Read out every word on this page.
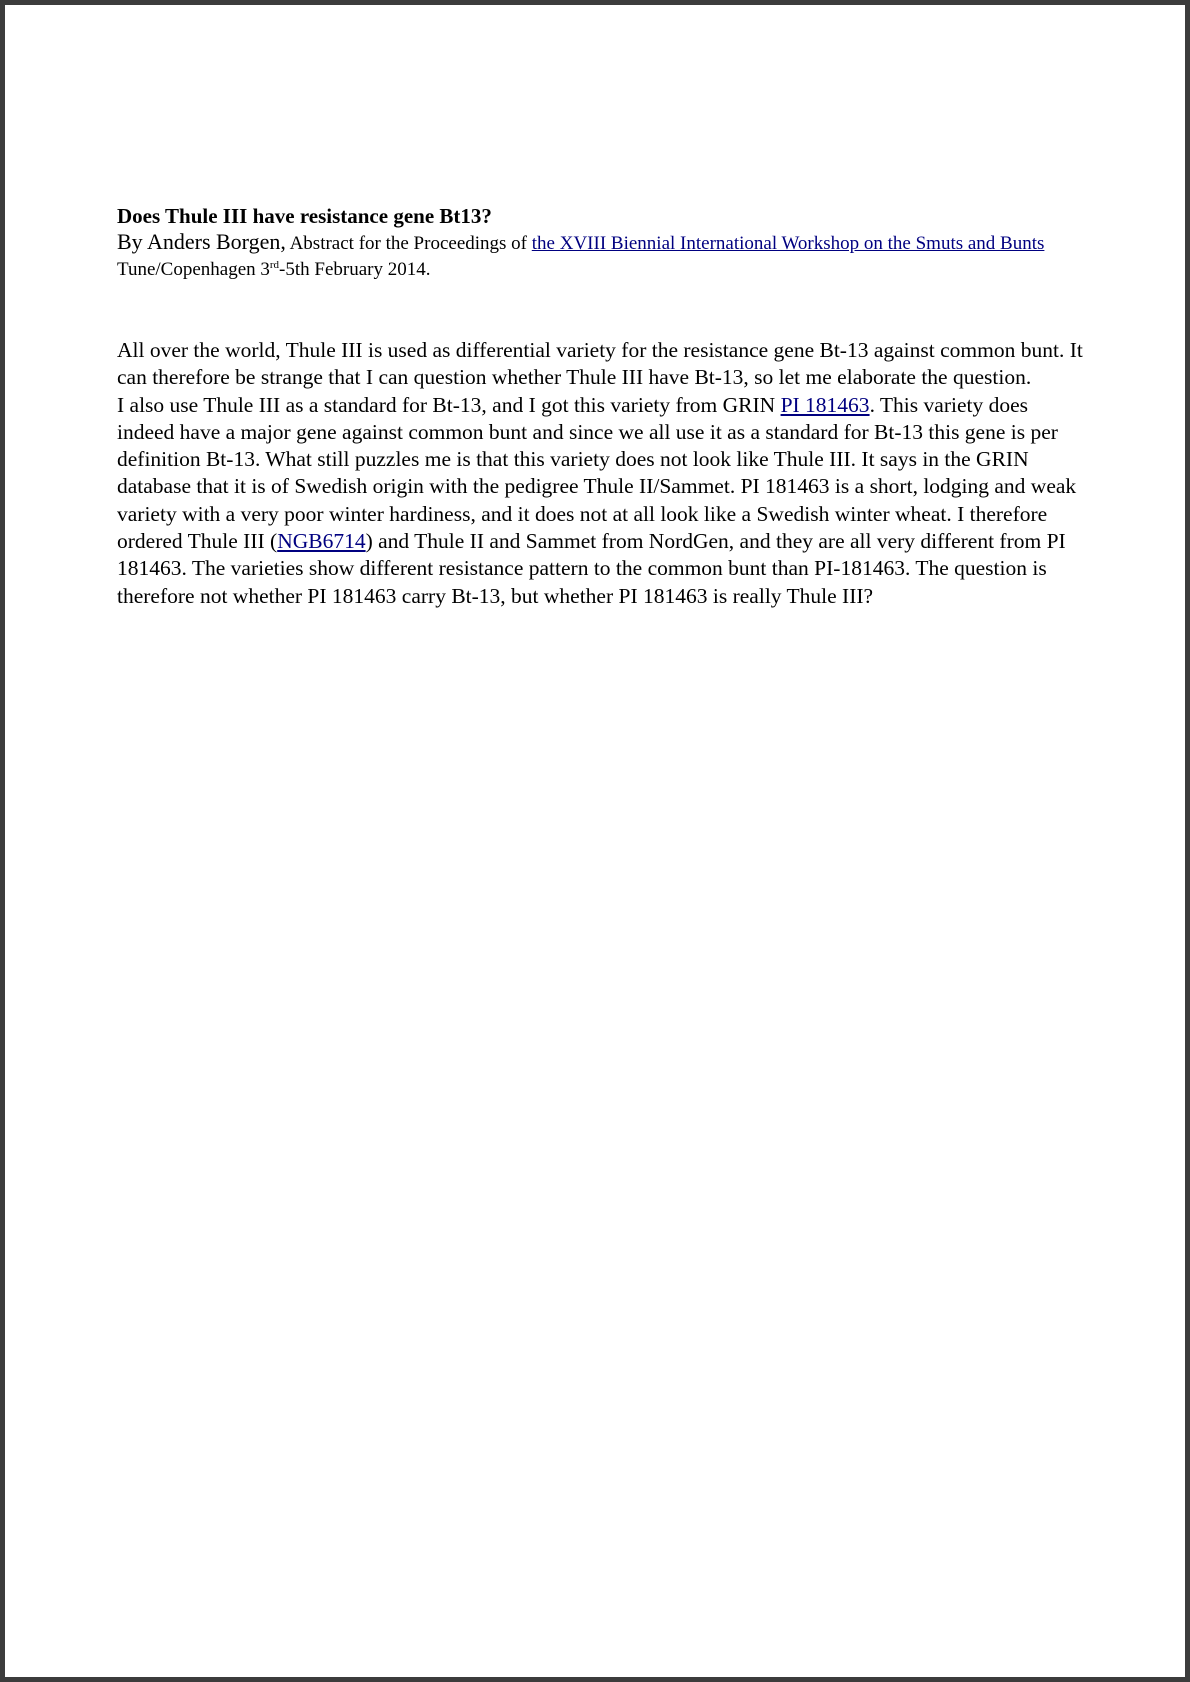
Does Thule III have resistance gene Bt13?

By Anders Borgen, Abstract for the Proceedings of the XVIII Biennial International Workshop on the Smuts and Bunts Tune/Copenhagen 3rd-5th February 2014.

All over the world, Thule III is used as differential variety for the resistance gene Bt-13 against common bunt. It can therefore be strange that I can question whether Thule III have Bt-13, so let me elaborate the question.

I also use Thule III as a standard for Bt-13, and I got this variety from GRIN PI 181463. This variety does indeed have a major gene against common bunt and since we all use it as a standard for Bt-13 this gene is per definition Bt-13. What still puzzles me is that this variety does not look like Thule III. It says in the GRIN database that it is of Swedish origin with the pedigree Thule II/Sammet. PI 181463 is a short, lodging and weak variety with a very poor winter hardiness, and it does not at all look like a Swedish winter wheat. I therefore ordered Thule III (NGB6714) and Thule II and Sammet from NordGen, and they are all very different from PI 181463. The varieties show different resistance pattern to the common bunt than PI-181463. The question is therefore not whether PI 181463 carry Bt-13, but whether PI 181463 is really Thule III?
